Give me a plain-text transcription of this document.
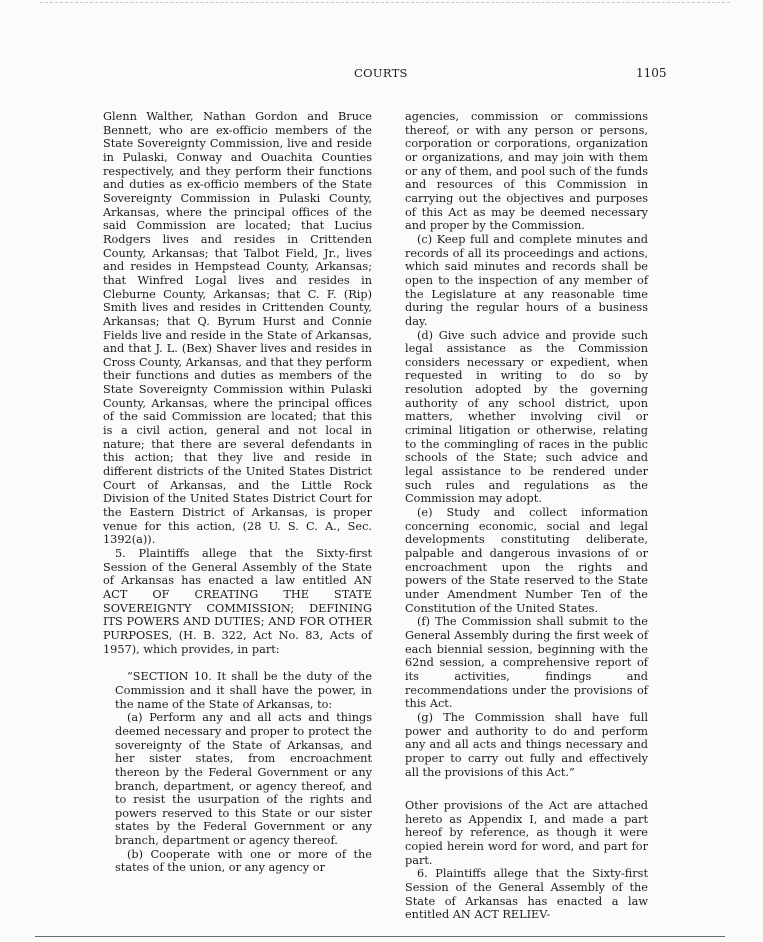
COURTS	1105

Glenn Walther, Nathan Gordon and Bruce Bennett, who are ex-officio members of the State Sovereignty Commission, live and reside in Pulaski, Conway and Ouachita Counties respectively, and they perform their functions and duties as ex-officio members of the State Sovereignty Commission in Pulaski County, Arkansas, where the principal offices of the said Commission are located; that Lucius Rodgers lives and resides in Crittenden County, Arkansas; that Talbot Field, Jr., lives and resides in Hempstead County, Arkansas; that Winfred Logal lives and resides in Cleburne County, Arkansas; that C. F. (Rip) Smith lives and resides in Crittenden County, Arkansas; that Q. Byrum Hurst and Connie Fields live and reside in the State of Arkansas, and that J. L. (Bex) Shaver lives and resides in Cross County, Arkansas, and that they perform their functions and duties as members of the State Sovereignty Commission within Pulaski County, Arkansas, where the principal offices of the said Commission are located; that this is a civil action, general and not local in nature; that there are several defendants in this action; that they live and reside in different districts of the United States District Court of Arkansas, and the Little Rock Division of the United States District Court for the Eastern District of Arkansas, is proper venue for this action, (28 U. S. C. A., Sec. 1392(a)).

5. Plaintiffs allege that the Sixty-first Session of the General Assembly of the State of Arkansas has enacted a law entitled AN ACT OF CREATING THE STATE SOVEREIGNTY COMMISSION; DEFINING ITS POWERS AND DUTIES; AND FOR OTHER PURPOSES, (H. B. 322, Act No. 83, Acts of 1957), which provides, in part:

“SECTION 10. It shall be the duty of the Commission and it shall have the power, in the name of the State of Arkansas, to:

(a) Perform any and all acts and things deemed necessary and proper to protect the sovereignty of the State of Arkansas, and her sister states, from encroachment thereon by the Federal Government or any branch, department, or agency thereof, and to resist the usurpation of the rights and powers reserved to this State or our sister states by the Federal Government or any branch, department or agency thereof.

(b) Cooperate with one or more of the states of the union, or any agency or

agencies, commission or commissions thereof, or with any person or persons, corporation or corporations, organization or organizations, and may join with them or any of them, and pool such of the funds and resources of this Commission in carrying out the objectives and purposes of this Act as may be deemed necessary and proper by the Commission.

(c) Keep full and complete minutes and records of all its proceedings and actions, which said minutes and records shall be open to the inspection of any member of the Legislature at any reasonable time during the regular hours of a business day.

(d) Give such advice and provide such legal assistance as the Commission considers necessary or expedient, when requested in writing to do so by resolution adopted by the governing authority of any school district, upon matters, whether involving civil or criminal litigation or otherwise, relating to the commingling of races in the public schools of the State; such advice and legal assistance to be rendered under such rules and regulations as the Commission may adopt.

(e) Study and collect information concerning economic, social and legal developments constituting deliberate, palpable and dangerous invasions of or encroachment upon the rights and powers of the State reserved to the State under Amendment Number Ten of the Constitution of the United States.

(f) The Commission shall submit to the General Assembly during the first week of each biennial session, beginning with the 62nd session, a comprehensive report of its activities, findings and recommendations under the provisions of this Act.

(g) The Commission shall have full power and authority to do and perform any and all acts and things necessary and proper to carry out fully and effectively all the provisions of this Act.”

Other provisions of the Act are attached hereto as Appendix I, and made a part hereof by reference, as though it were copied herein word for word, and part for part.

6. Plaintiffs allege that the Sixty-first Session of the General Assembly of the State of Arkansas has enacted a law entitled AN ACT RELIEV-
